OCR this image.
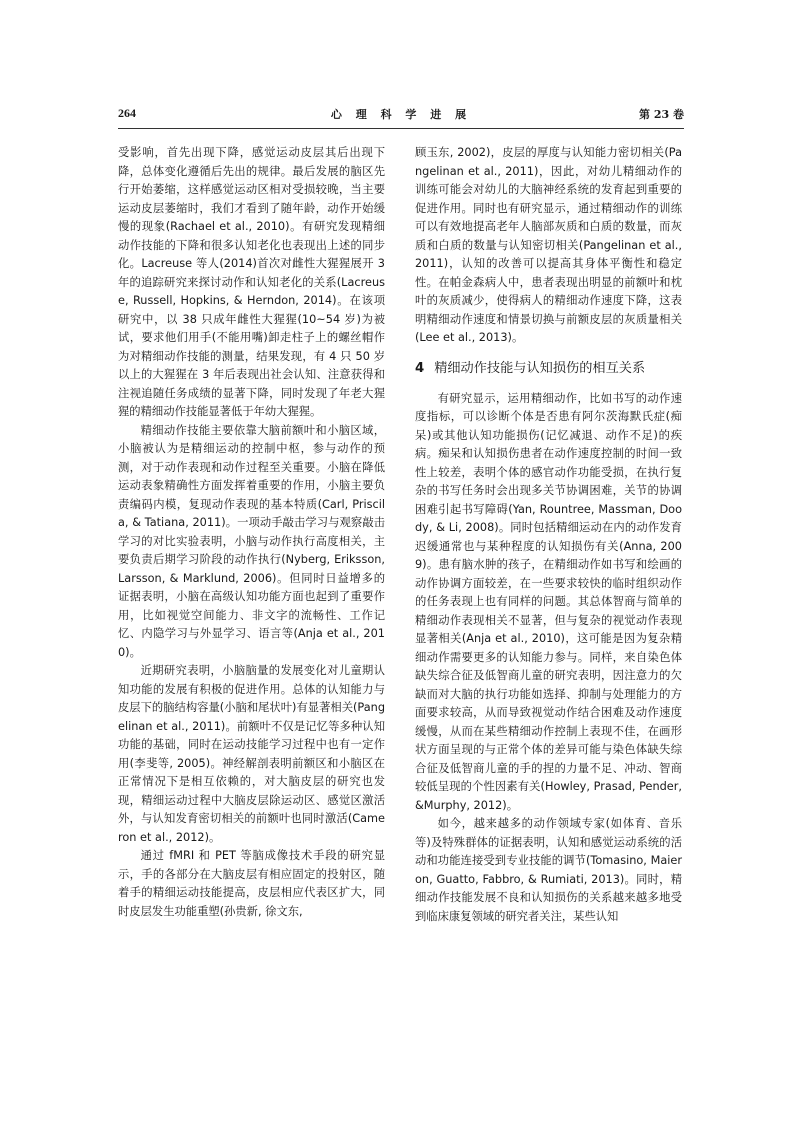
264	心 理 科 学 进 展	第 23 卷

受影响，首先出现下降，感觉运动皮层其后出现下降，总体变化遵循后先出的规律。最后发展的脑区先行开始萎缩，这样感觉运动区相对受损较晚，当主要运动皮层萎缩时，我们才看到了随年龄，动作开始缓慢的现象(Rachael et al., 2010)。有研究发现精细动作技能的下降和很多认知老化也表现出上述的同步化。Lacreuse 等人(2014)首次对雌性大猩猩展开 3 年的追踪研究来探讨动作和认知老化的关系(Lacreuse, Russell, Hopkins, & Herndon, 2014)。在该项研究中，以 38 只成年雌性大猩猩(10~54 岁)为被试，要求他们用手(不能用嘴)卸走柱子上的螺丝帽作为对精细动作技能的测量，结果发现，有 4 只 50 岁以上的大猩猩在 3 年后表现出社会认知、注意获得和注视追随任务成绩的显著下降，同时发现了年老大猩猩的精细动作技能显著低于年幼大猩猩。

精细动作技能主要依靠大脑前额叶和小脑区域，小脑被认为是精细运动的控制中枢，参与动作的预测，对于动作表现和动作过程至关重要。小脑在降低运动表象精确性方面发挥着重要的作用，小脑主要负责编码内模，复现动作表现的基本特质(Carl, Priscila, & Tatiana, 2011)。一项动手敲击学习与观察敲击学习的对比实验表明，小脑与动作执行高度相关，主要负责后期学习阶段的动作执行(Nyberg, Eriksson, Larsson, & Marklund, 2006)。但同时日益增多的证据表明，小脑在高级认知功能方面也起到了重要作用，比如视觉空间能力、非文字的流畅性、工作记忆、内隐学习与外显学习、语言等(Anja et al., 2010)。

近期研究表明，小脑脑量的发展变化对儿童期认知功能的发展有积极的促进作用。总体的认知能力与皮层下的脑结构容量(小脑和尾状叶)有显著相关(Pangelinan et al., 2011)。前额叶不仅是记忆等多种认知功能的基础，同时在运动技能学习过程中也有一定作用(李斐等, 2005)。神经解剖表明前额区和小脑区在正常情况下是相互依赖的，对大脑皮层的研究也发现，精细运动过程中大脑皮层除运动区、感觉区激活外，与认知发育密切相关的前额叶也同时激活(Cameron et al., 2012)。

通过 fMRI 和 PET 等脑成像技术手段的研究显示，手的各部分在大脑皮层有相应固定的投射区，随着手的精细运动技能提高，皮层相应代表区扩大，同时皮层发生功能重塑(孙贵新, 徐文东,

顾玉东, 2002)，皮层的厚度与认知能力密切相关(Pangelinan et al., 2011)，因此，对幼儿精细动作的训练可能会对幼儿的大脑神经系统的发育起到重要的促进作用。同时也有研究显示，通过精细动作的训练可以有效地提高老年人脑部灰质和白质的数量，而灰质和白质的数量与认知密切相关(Pangelinan et al., 2011)，认知的改善可以提高其身体平衡性和稳定性。在帕金森病人中，患者表现出明显的前额叶和枕叶的灰质减少，使得病人的精细动作速度下降，这表明精细动作速度和情景切换与前额皮层的灰质量相关(Lee et al., 2013)。

4 精细动作技能与认知损伤的相互关系

有研究显示，运用精细动作，比如书写的动作速度指标，可以诊断个体是否患有阿尔茨海默氏症(痴呆)或其他认知功能损伤(记忆减退、动作不足)的疾病。痴呆和认知损伤患者在动作速度控制的时间一致性上较差，表明个体的感官动作功能受损，在执行复杂的书写任务时会出现多关节协调困难，关节的协调困难引起书写障碍(Yan, Rountree, Massman, Doody, & Li, 2008)。同时包括精细运动在内的动作发育迟缓通常也与某种程度的认知损伤有关(Anna, 2009)。患有脑水肿的孩子，在精细动作如书写和绘画的动作协调方面较差，在一些要求较快的临时组织动作的任务表现上也有同样的问题。其总体智商与简单的精细动作表现相关不显著，但与复杂的视觉动作表现显著相关(Anja et al., 2010)，这可能是因为复杂精细动作需要更多的认知能力参与。同样，来自染色体缺失综合征及低智商儿童的研究表明，因注意力的欠缺而对大脑的执行功能如选择、抑制与处理能力的方面要求较高，从而导致视觉动作结合困难及动作速度缓慢，从而在某些精细动作控制上表现不佳，在画形状方面呈现的与正常个体的差异可能与染色体缺失综合征及低智商儿童的手的捏的力量不足、冲动、智商较低呈现的个性因素有关(Howley, Prasad, Pender, &Murphy, 2012)。

如今，越来越多的动作领域专家(如体育、音乐等)及特殊群体的证据表明，认知和感觉运动系统的活动和功能连接受到专业技能的调节(Tomasino, Maieron, Guatto, Fabbro, & Rumiati, 2013)。同时，精细动作技能发展不良和认知损伤的关系越来越多地受到临床康复领域的研究者关注，某些认知
